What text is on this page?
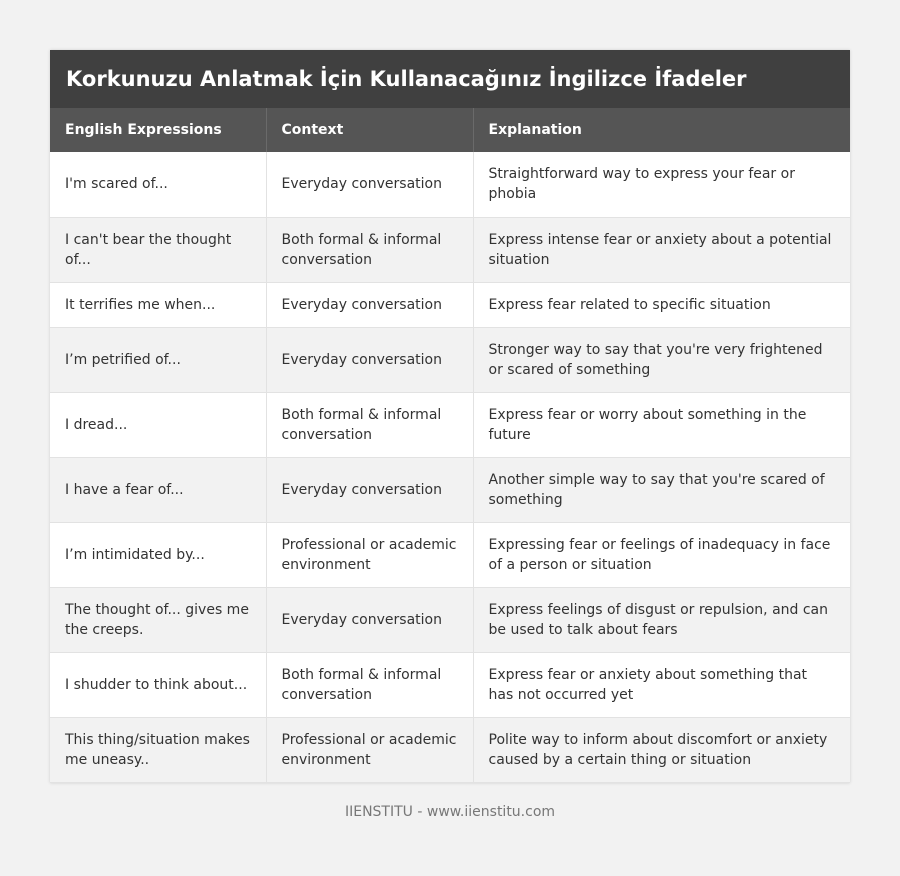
Korkunuzu Anlatmak İçin Kullanacağınız İngilizce İfadeler
English Expressions	Context	Explanation
I'm scared of...	Everyday conversation	Straightforward way to express your fear or phobia
I can't bear the thought of...	Both formal & informal conversation	Express intense fear or anxiety about a potential situation
It terrifies me when...	Everyday conversation	Express fear related to specific situation
I’m petrified of...	Everyday conversation	Stronger way to say that you're very frightened or scared of something
I dread...	Both formal & informal conversation	Express fear or worry about something in the future
I have a fear of...	Everyday conversation	Another simple way to say that you're scared of something
I’m intimidated by...	Professional or academic environment	Expressing fear or feelings of inadequacy in face of a person or situation
The thought of... gives me the creeps.	Everyday conversation	Express feelings of disgust or repulsion, and can be used to talk about fears
I shudder to think about...	Both formal & informal conversation	Express fear or anxiety about something that has not occurred yet
This thing/situation makes me uneasy..	Professional or academic environment	Polite way to inform about discomfort or anxiety caused by a certain thing or situation
IIENSTITU - www.iienstitu.com
